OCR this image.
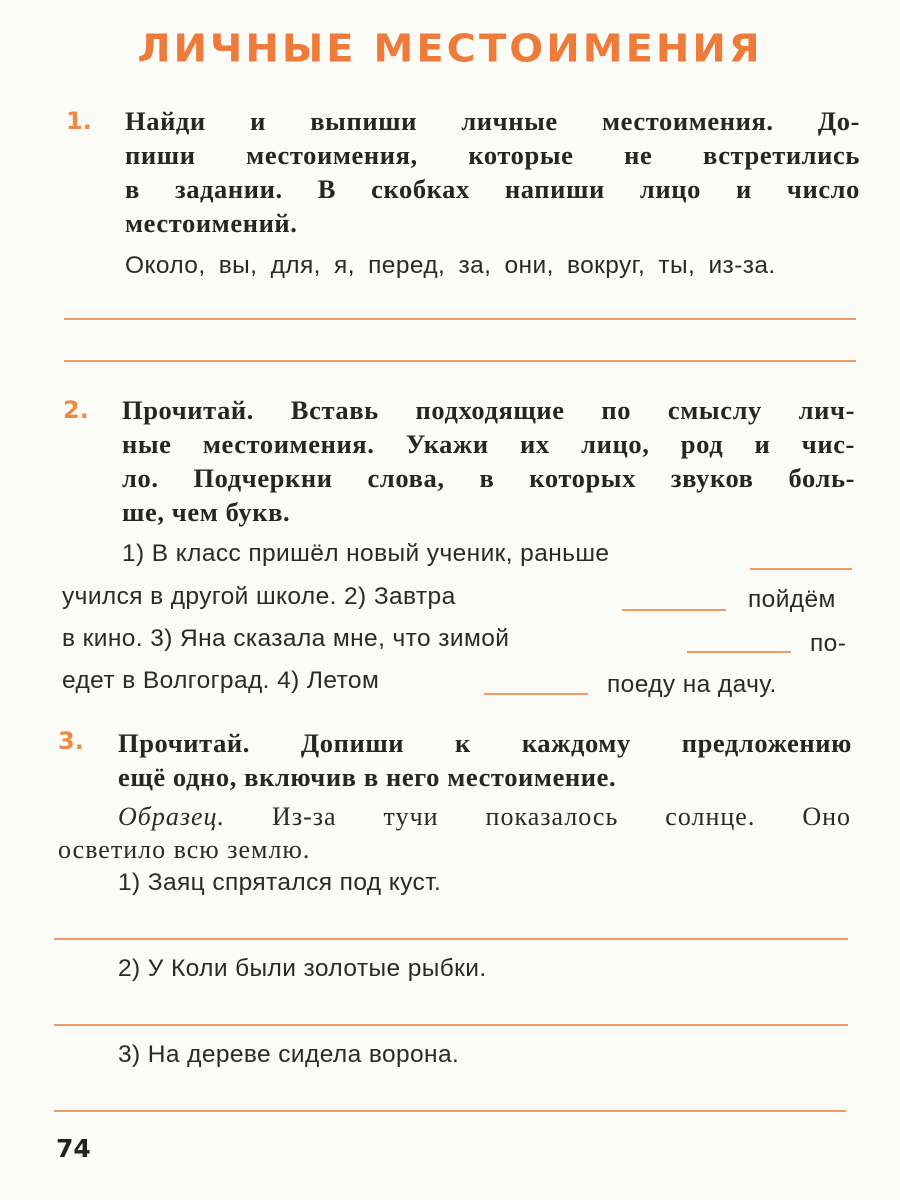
ЛИЧНЫЕ МЕСТОИМЕНИЯ
1. Найди и выпиши личные местоимения. До-
пиши местоимения, которые не встретились
в задании. В скобках напиши лицо и число
местоимений.
Около, вы, для, я, перед, за, они, вокруг, ты, из-за.
2. Прочитай. Вставь подходящие по смыслу лич-
ные местоимения. Укажи их лицо, род и чис-
ло. Подчеркни слова, в которых звуков боль-
ше, чем букв.
1) В класс пришёл новый ученик, раньше
учился в другой школе. 2) Завтра	пойдём
в кино. 3) Яна сказала мне, что зимой	по-
едет в Волгоград. 4) Летом	поеду на дачу.
3. Прочитай. Допиши к каждому предложению
ещё одно, включив в него местоимение.
Образец. Из-за тучи показалось солнце. Оно
осветило всю землю.
1) Заяц спрятался под куст.
2) У Коли были золотые рыбки.
3) На дереве сидела ворона.
74
